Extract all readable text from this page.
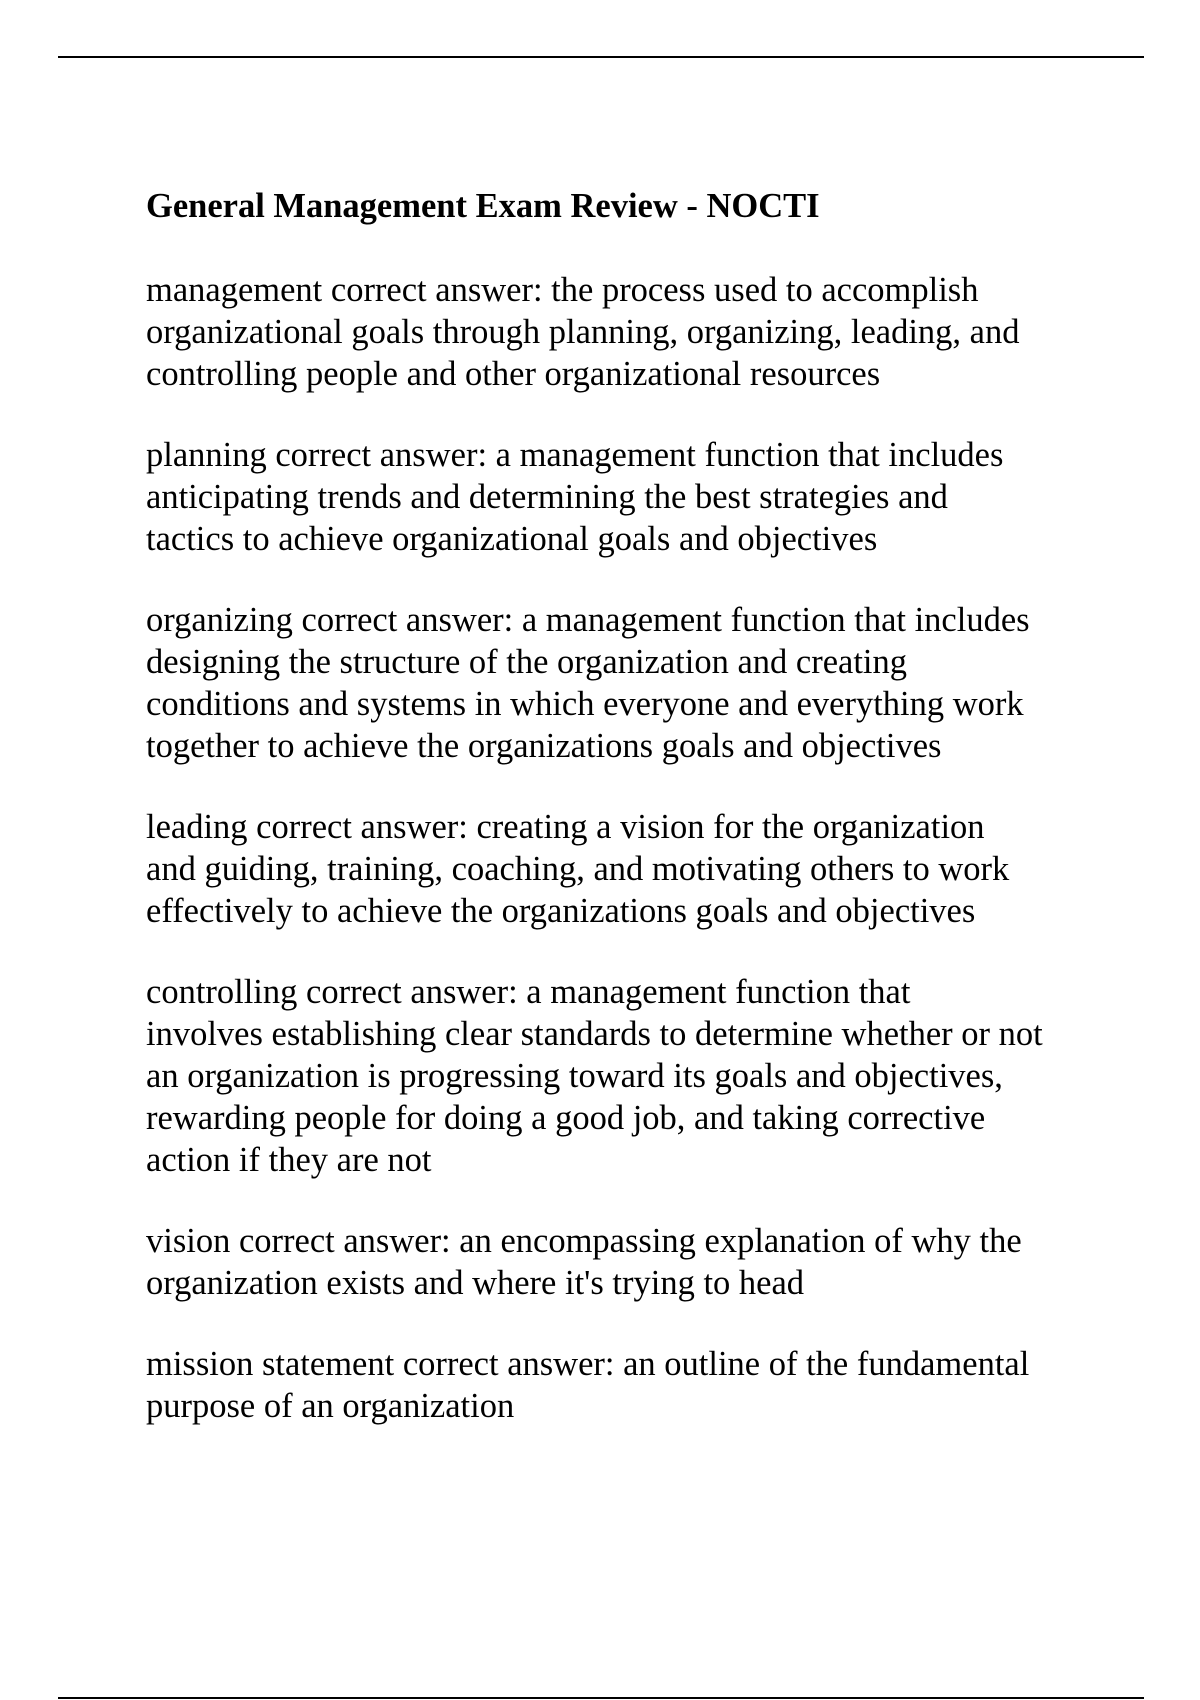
General Management Exam Review - NOCTI
management correct answer: the process used to accomplish
organizational goals through planning, organizing, leading, and
controlling people and other organizational resources
planning correct answer: a management function that includes
anticipating trends and determining the best strategies and
tactics to achieve organizational goals and objectives
organizing correct answer: a management function that includes
designing the structure of the organization and creating
conditions and systems in which everyone and everything work
together to achieve the organizations goals and objectives
leading correct answer: creating a vision for the organization
and guiding, training, coaching, and motivating others to work
effectively to achieve the organizations goals and objectives
controlling correct answer: a management function that
involves establishing clear standards to determine whether or not
an organization is progressing toward its goals and objectives,
rewarding people for doing a good job, and taking corrective
action if they are not
vision correct answer: an encompassing explanation of why the
organization exists and where it's trying to head
mission statement correct answer: an outline of the fundamental
purpose of an organization
